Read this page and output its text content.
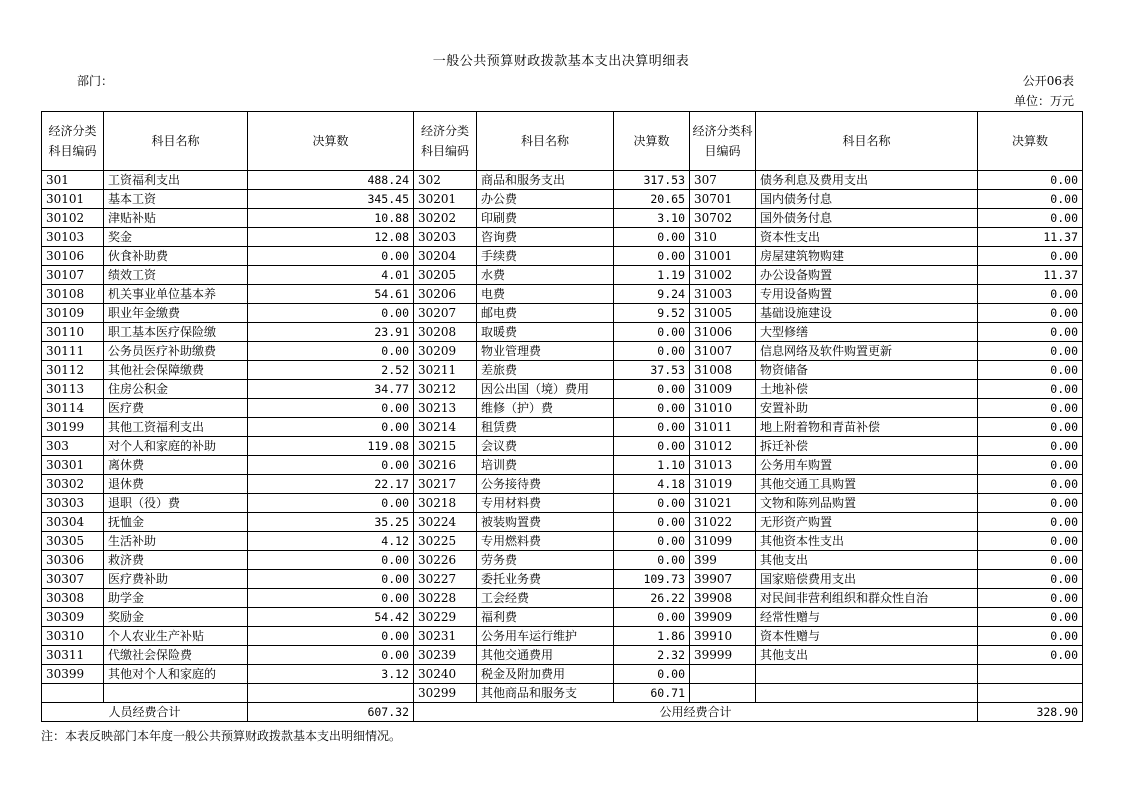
一般公共预算财政拨款基本支出决算明细表
部门：	公开06表
单位：万元
经济分类科目编码	科目名称	决算数	经济分类科目编码	科目名称	决算数	经济分类科目编码	科目名称	决算数
301	工资福利支出	488.24	302	商品和服务支出	317.53	307	债务利息及费用支出	0.00
30101	基本工资	345.45	30201	办公费	20.65	30701	国内债务付息	0.00
30102	津贴补贴	10.88	30202	印刷费	3.10	30702	国外债务付息	0.00
30103	奖金	12.08	30203	咨询费	0.00	310	资本性支出	11.37
30106	伙食补助费	0.00	30204	手续费	0.00	31001	房屋建筑物购建	0.00
30107	绩效工资	4.01	30205	水费	1.19	31002	办公设备购置	11.37
30108	机关事业单位基本养	54.61	30206	电费	9.24	31003	专用设备购置	0.00
30109	职业年金缴费	0.00	30207	邮电费	9.52	31005	基础设施建设	0.00
30110	职工基本医疗保险缴	23.91	30208	取暖费	0.00	31006	大型修缮	0.00
30111	公务员医疗补助缴费	0.00	30209	物业管理费	0.00	31007	信息网络及软件购置更新	0.00
30112	其他社会保障缴费	2.52	30211	差旅费	37.53	31008	物资储备	0.00
30113	住房公积金	34.77	30212	因公出国（境）费用	0.00	31009	土地补偿	0.00
30114	医疗费	0.00	30213	维修（护）费	0.00	31010	安置补助	0.00
30199	其他工资福利支出	0.00	30214	租赁费	0.00	31011	地上附着物和青苗补偿	0.00
303	对个人和家庭的补助	119.08	30215	会议费	0.00	31012	拆迁补偿	0.00
30301	离休费	0.00	30216	培训费	1.10	31013	公务用车购置	0.00
30302	退休费	22.17	30217	公务接待费	4.18	31019	其他交通工具购置	0.00
30303	退职（役）费	0.00	30218	专用材料费	0.00	31021	文物和陈列品购置	0.00
30304	抚恤金	35.25	30224	被装购置费	0.00	31022	无形资产购置	0.00
30305	生活补助	4.12	30225	专用燃料费	0.00	31099	其他资本性支出	0.00
30306	救济费	0.00	30226	劳务费	0.00	399	其他支出	0.00
30307	医疗费补助	0.00	30227	委托业务费	109.73	39907	国家赔偿费用支出	0.00
30308	助学金	0.00	30228	工会经费	26.22	39908	对民间非营利组织和群众性自治	0.00
30309	奖励金	54.42	30229	福利费	0.00	39909	经常性赠与	0.00
30310	个人农业生产补贴	0.00	30231	公务用车运行维护	1.86	39910	资本性赠与	0.00
30311	代缴社会保险费	0.00	30239	其他交通费用	2.32	39999	其他支出	0.00
30399	其他对个人和家庭的	3.12	30240	税金及附加费用	0.00			
			30299	其他商品和服务支	60.71			
人员经费合计		607.32	公用经费合计					328.90
注：本表反映部门本年度一般公共预算财政拨款基本支出明细情况。
